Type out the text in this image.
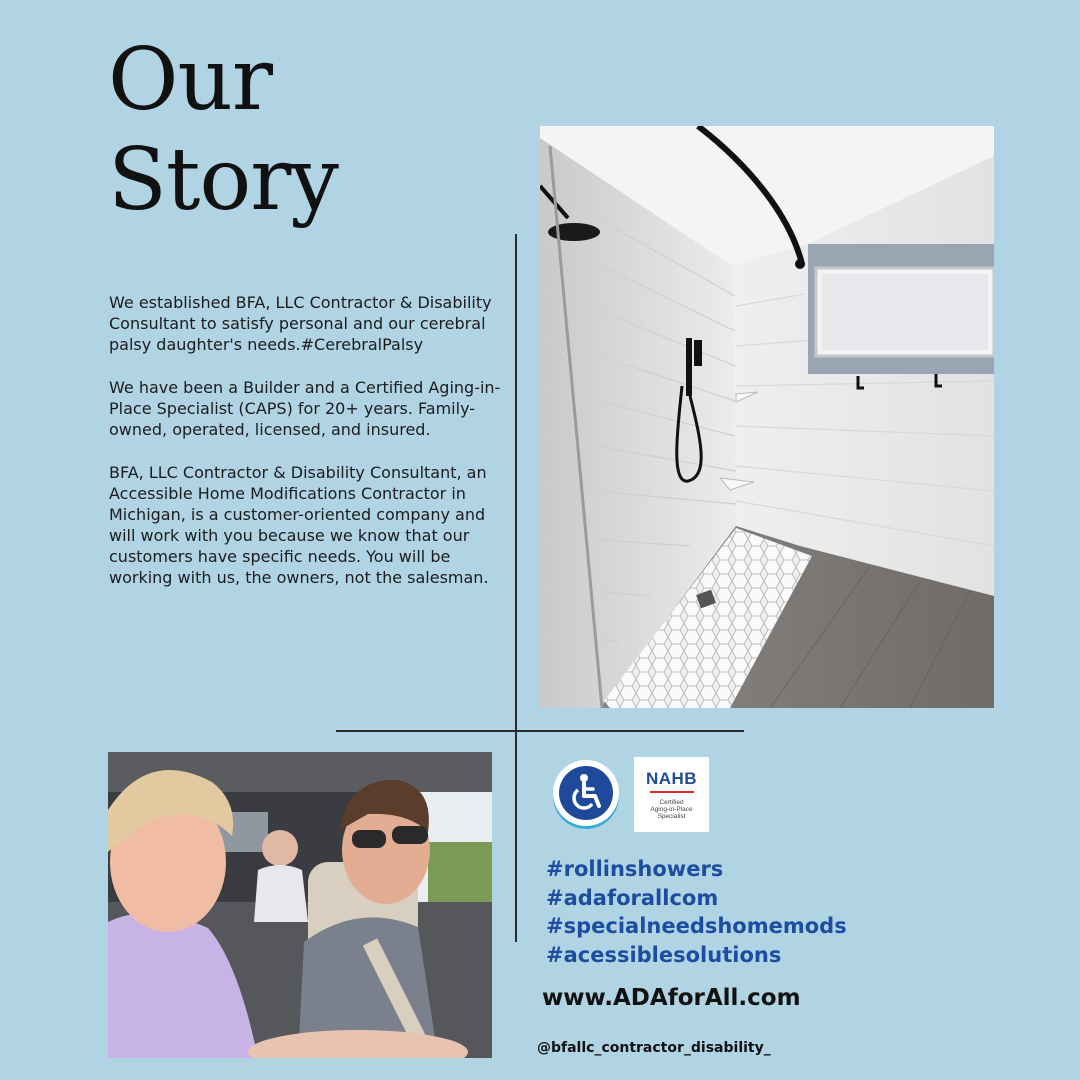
Our
Story

We established BFA, LLC Contractor & Disability Consultant to satisfy personal and our cerebral palsy daughter's needs.#CerebralPalsy

We have been a Builder and a Certified Aging-in-Place Specialist (CAPS) for 20+ years. Family-owned, operated, licensed, and insured.

BFA, LLC Contractor & Disability Consultant, an Accessible Home Modifications Contractor in Michigan, is a customer-oriented company and will work with you because we know that our customers have specific needs. You will be working with us, the owners, not the salesman.

NAHB
Certified
Aging-in-Place
Specialist
#rollinshowers
#adaforallcom
#specialneedshomemods
#acessiblesolutions
www.ADAforAll.com
@bfallc_contractor_disability_
